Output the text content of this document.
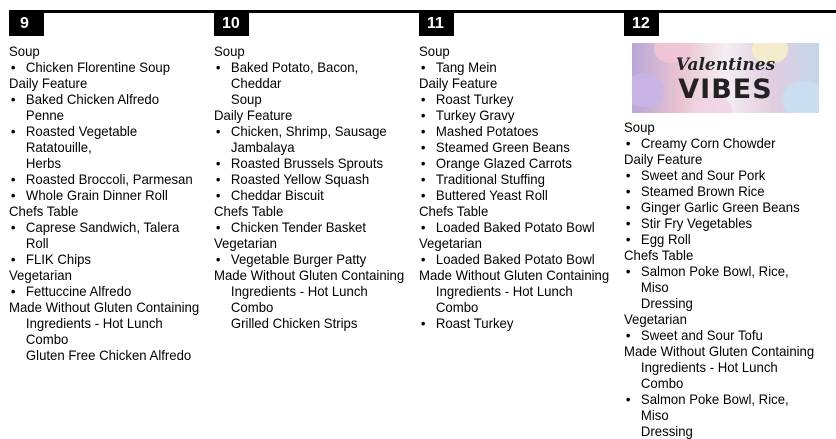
9
Soup
• Chicken Florentine Soup
Daily Feature
• Baked Chicken Alfredo Penne
• Roasted Vegetable Ratatouille,
Herbs
• Roasted Broccoli, Parmesan
• Whole Grain Dinner Roll
Chefs Table
• Caprese Sandwich, Talera Roll
• FLIK Chips
Vegetarian
• Fettuccine Alfredo
Made Without Gluten Containing
Ingredients - Hot Lunch Combo
Gluten Free Chicken Alfredo
10
Soup
• Baked Potato, Bacon, Cheddar
Soup
Daily Feature
• Chicken, Shrimp, Sausage
Jambalaya
• Roasted Brussels Sprouts
• Roasted Yellow Squash
• Cheddar Biscuit
Chefs Table
• Chicken Tender Basket
Vegetarian
• Vegetable Burger Patty
Made Without Gluten Containing
Ingredients - Hot Lunch Combo
Grilled Chicken Strips
11
Soup
• Tang Mein
Daily Feature
• Roast Turkey
• Turkey Gravy
• Mashed Potatoes
• Steamed Green Beans
• Orange Glazed Carrots
• Traditional Stuffing
• Buttered Yeast Roll
Chefs Table
• Loaded Baked Potato Bowl
Vegetarian
• Loaded Baked Potato Bowl
Made Without Gluten Containing
Ingredients - Hot Lunch Combo
• Roast Turkey
12
Valentines
VIBES
Soup
• Creamy Corn Chowder
Daily Feature
• Sweet and Sour Pork
• Steamed Brown Rice
• Ginger Garlic Green Beans
• Stir Fry Vegetables
• Egg Roll
Chefs Table
• Salmon Poke Bowl, Rice, Miso
Dressing
Vegetarian
• Sweet and Sour Tofu
Made Without Gluten Containing
Ingredients - Hot Lunch Combo
• Salmon Poke Bowl, Rice, Miso
Dressing
